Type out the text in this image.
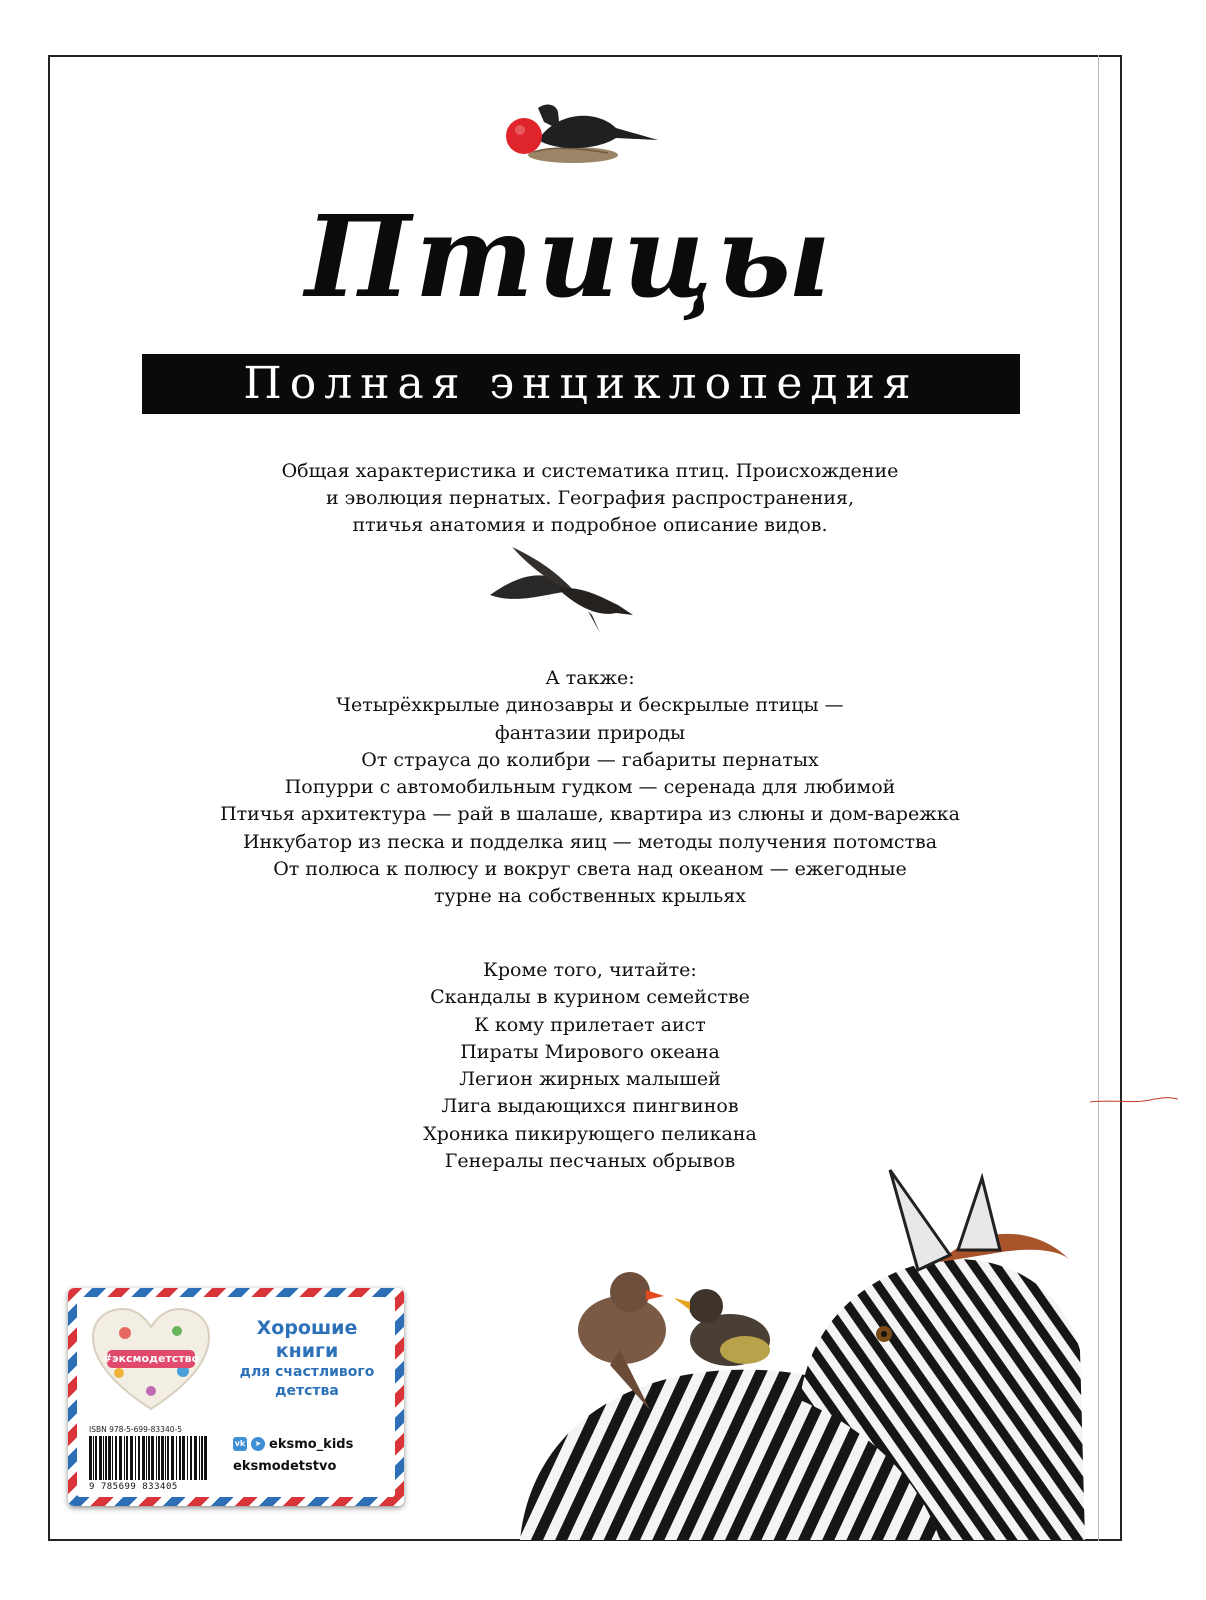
Птицы
Полная энциклопедия
Общая характеристика и систематика птиц. Происхождение
и эволюция пернатых. География распространения,
птичья анатомия и подробное описание видов.
А также:
Четырёхкрылые динозавры и бескрылые птицы —
фантазии природы
От страуса до колибри — габариты пернатых
Попурри с автомобильным гудком — серенада для любимой
Птичья архитектура — рай в шалаше, квартира из слюны и дом-варежка
Инкубатор из песка и подделка яиц — методы получения потомства
От полюса к полюсу и вокруг света над океаном — ежегодные
турне на собственных крыльях
Кроме того, читайте:
Скандалы в курином семействе
К кому прилетает аист
Пираты Мирового океана
Легион жирных малышей
Лига выдающихся пингвинов
Хроника пикирующего пеликана
Генералы песчаных обрывов
#эксмодетство
Хорошие
книги
для счастливого
детства
ISBN 978-5-699-83340-5
9 785699 833405
vk	➤ eksmo_kids
eksmodetstvo
